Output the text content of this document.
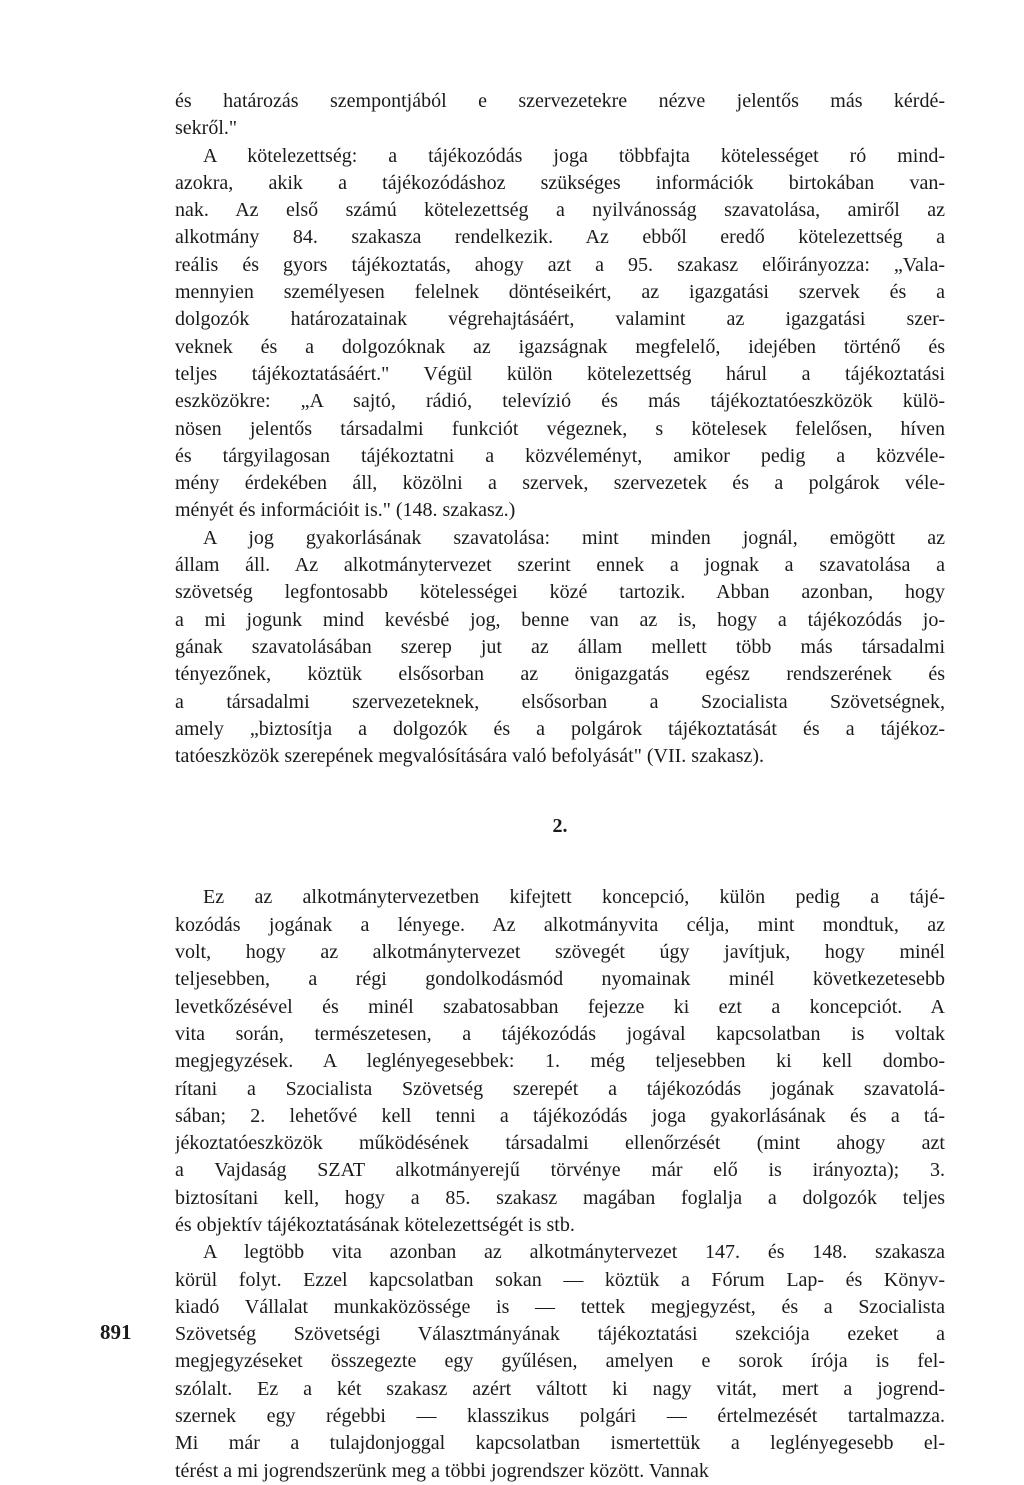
és határozás szempontjából e szervezetekre nézve jelentős más kérdé-
sekről."

A kötelezettség: a tájékozódás joga többfajta kötelességet ró mind-
azokra, akik a tájékozódáshoz szükséges információk birtokában van-
nak. Az első számú kötelezettség a nyilvánosság szavatolása, amiről az
alkotmány 84. szakasza rendelkezik. Az ebből eredő kötelezettség a
reális és gyors tájékoztatás, ahogy azt a 95. szakasz előirányozza: „Vala-
mennyien személyesen felelnek döntéseikért, az igazgatási szervek és a
dolgozók határozatainak végrehajtásáért, valamint az igazgatási szer-
veknek és a dolgozóknak az igazságnak megfelelő, idejében történő és
teljes tájékoztatásáért." Végül külön kötelezettség hárul a tájékoztatási
eszközökre: „A sajtó, rádió, televízió és más tájékoztatóeszközök külö-
nösen jelentős társadalmi funkciót végeznek, s kötelesek felelősen, híven
és tárgyilagosan tájékoztatni a közvéleményt, amikor pedig a közvéle-
mény érdekében áll, közölni a szervek, szervezetek és a polgárok véle-
ményét és információit is." (148. szakasz.)

A jog gyakorlásának szavatolása: mint minden jognál, emögött az
állam áll. Az alkotmánytervezet szerint ennek a jognak a szavatolása a
szövetség legfontosabb kötelességei közé tartozik. Abban azonban, hogy
a mi jogunk mind kevésbé jog, benne van az is, hogy a tájékozódás jo-
gának szavatolásában szerep jut az állam mellett több más társadalmi
tényezőnek, köztük elsősorban az önigazgatás egész rendszerének és
a társadalmi szervezeteknek, elsősorban a Szocialista Szövetségnek,
amely „biztosítja a dolgozók és a polgárok tájékoztatását és a tájékoz-
tatóeszközök szerepének megvalósítására való befolyását" (VII. szakasz).

2.

Ez az alkotmánytervezetben kifejtett koncepció, külön pedig a tájé-
kozódás jogának a lényege. Az alkotmányvita célja, mint mondtuk, az
volt, hogy az alkotmánytervezet szövegét úgy javítjuk, hogy minél
teljesebben, a régi gondolkodásmód nyomainak minél következetesebb
levetkőzésével és minél szabatosabban fejezze ki ezt a koncepciót. A
vita során, természetesen, a tájékozódás jogával kapcsolatban is voltak
megjegyzések. A leglényegesebbek: 1. még teljesebben ki kell dombo-
rítani a Szocialista Szövetség szerepét a tájékozódás jogának szavatolá-
sában; 2. lehetővé kell tenni a tájékozódás joga gyakorlásának és a tá-
jékoztatóeszközök működésének társadalmi ellenőrzését (mint ahogy azt
a Vajdaság SZAT alkotmányerejű törvénye már elő is irányozta); 3.
biztosítani kell, hogy a 85. szakasz magában foglalja a dolgozók teljes
és objektív tájékoztatásának kötelezettségét is stb.

A legtöbb vita azonban az alkotmánytervezet 147. és 148. szakasza
körül folyt. Ezzel kapcsolatban sokan — köztük a Fórum Lap- és Könyv-
kiadó Vállalat munkaközössége is — tettek megjegyzést, és a Szocialista
Szövetség Szövetségi Választmányának tájékoztatási szekciója ezeket a
megjegyzéseket összegezte egy gyűlésen, amelyen e sorok írója is fel-
szólalt. Ez a két szakasz azért váltott ki nagy vitát, mert a jogrend-
szernek egy régebbi — klasszikus polgári — értelmezését tartalmazza.
Mi már a tulajdonjoggal kapcsolatban ismertettük a leglényegesebb el-
térést a mi jogrendszerünk meg a többi jogrendszer között. Vannak

891
